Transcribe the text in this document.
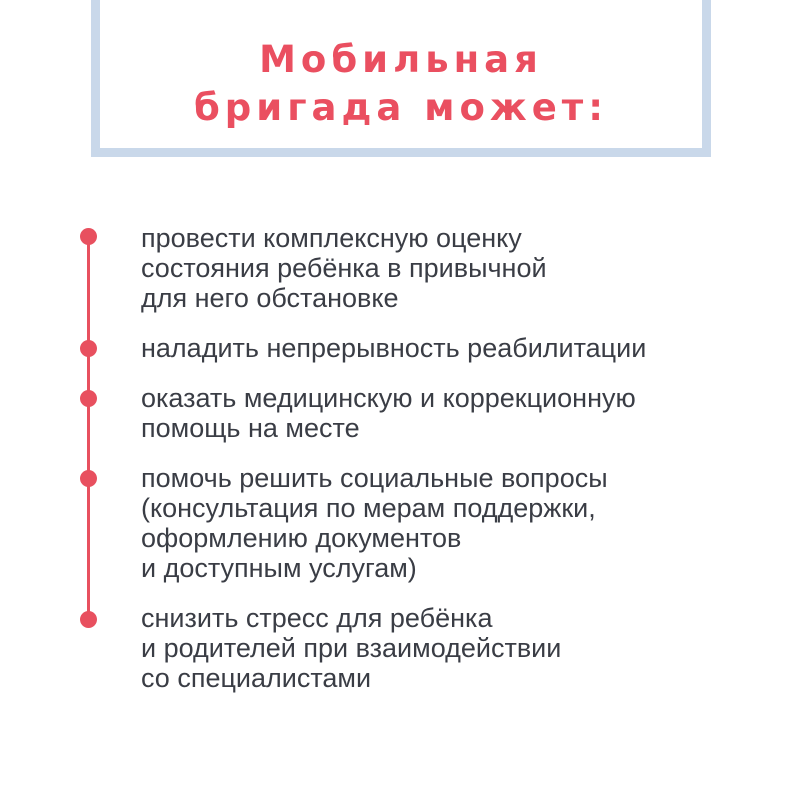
Мобильная
бригада может:
провести комплексную оценку
состояния ребёнка в привычной
для него обстановке
наладить непрерывность реабилитации
оказать медицинскую и коррекционную
помощь на месте
помочь решить социальные вопросы
(консультация по мерам поддержки,
оформлению документов
и доступным услугам)
снизить стресс для ребёнка
и родителей при взаимодействии
со специалистами
